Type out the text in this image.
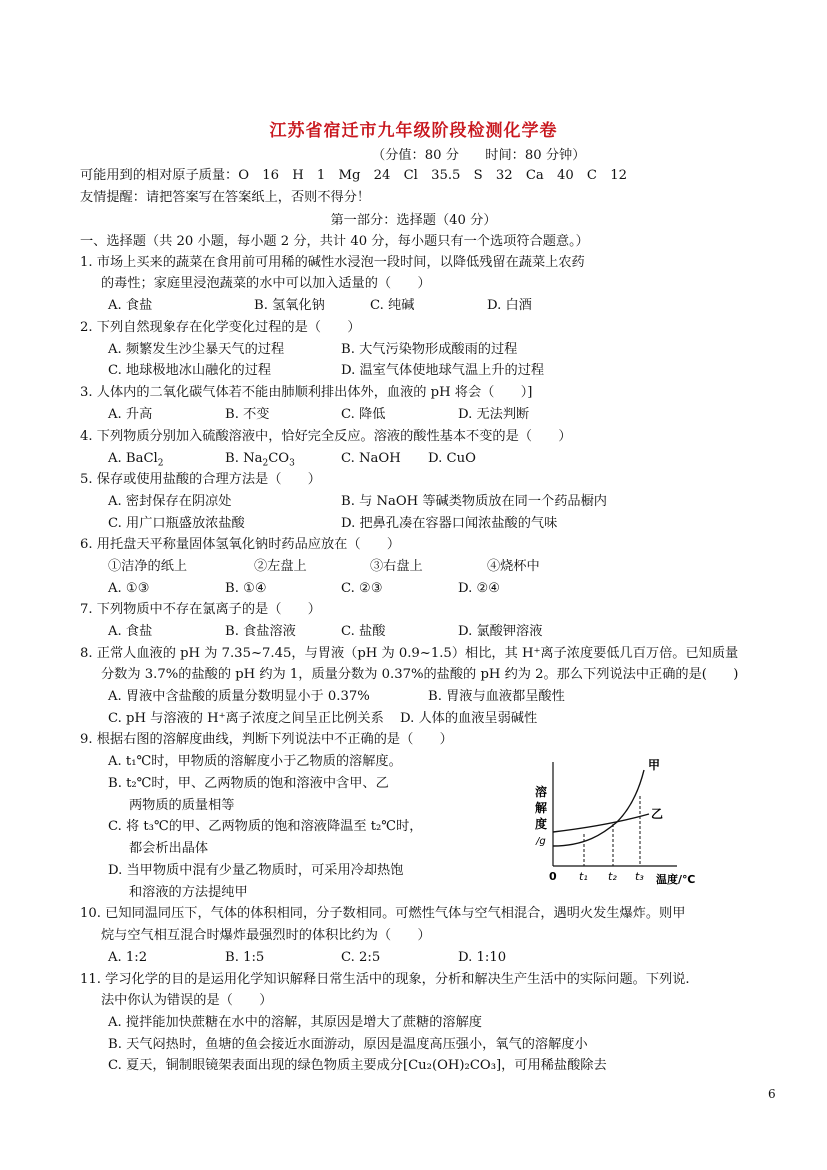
江苏省宿迁市九年级阶段检测化学卷
（分值：80 分　　时间：80 分钟）
可能用到的相对原子质量：O　16　H　1　Mg　24　Cl　35.5　S　32　Ca　40　C　12
友情提醒：请把答案写在答案纸上，否则不得分！
第一部分：选择题（40 分）
一、选择题（共 20 小题，每小题 2 分，共计 40 分，每小题只有一个选项符合题意。）
1. 市场上买来的蔬菜在食用前可用稀的碱性水浸泡一段时间，以降低残留在蔬菜上农药
的毒性；家庭里浸泡蔬菜的水中可以加入适量的（　　）
A. 食盐	B. 氢氧化钠	C. 纯碱	D. 白酒
2. 下列自然现象存在化学变化过程的是（　　）
A. 频繁发生沙尘暴天气的过程	B. 大气污染物形成酸雨的过程
C. 地球极地冰山融化的过程	D. 温室气体使地球气温上升的过程
3. 人体内的二氧化碳气体若不能由肺顺利排出体外，血液的 pH 将会（　　）]
A. 升高	B. 不变	C. 降低	D. 无法判断
4. 下列物质分别加入硫酸溶液中，恰好完全反应。溶液的酸性基本不变的是（　　）
A. BaCl$_2$	B. $Na_2CO_3$	C. NaOH D. CuO
5. 保存或使用盐酸的合理方法是（　　）
A. 密封保存在阴凉处	B. 与 NaOH 等碱类物质放在同一个药品橱内
C. 用广口瓶盛放浓盐酸	D. 把鼻孔凑在容器口闻浓盐酸的气味
6. 用托盘天平称量固体氢氧化钠时药品应放在（　　）
①洁净的纸上	②左盘上	③右盘上	④烧杯中
A. ①③	B. ①④	C. ②③	D. ②④
7. 下列物质中不存在氯离子的是（　　）
A. 食盐	B. 食盐溶液	C. 盐酸	D. 氯酸钾溶液
8. 正常人血液的 pH 为 7.35~7.45，与胃液（pH 为 0.9~1.5）相比，其 H⁺离子浓度要低几百万倍。已知质量
分数为 3.7%的盐酸的 pH 约为 1，质量分数为 0.37%的盐酸的 pH 约为 2。那么下列说法中正确的是(　　)
A. 胃液中含盐酸的质量分数明显小于 0.37%	B. 胃液与血液都呈酸性
C. pH 与溶液的 H⁺离子浓度之间呈正比例关系 D. 人体的血液呈弱碱性
9. 根据右图的溶解度曲线，判断下列说法中不正确的是（　　）
A. t₁℃时，甲物质的溶解度小于乙物质的溶解度。
B. t₂℃时，甲、乙两物质的饱和溶液中含甲、乙
两物质的质量相等
C. 将 t₃℃的甲、乙两物质的饱和溶液降温至 t₂℃时，
都会析出晶体
D. 当甲物质中混有少量乙物质时，可采用冷却热饱
和溶液的方法提纯甲
溶
解
度
/g
甲
乙
0 t₁ t₂ t₃ 温度/℃
10. 已知同温同压下，气体的体积相同，分子数相同。可燃性气体与空气相混合，遇明火发生爆炸。则甲
烷与空气相互混合时爆炸最强烈时的体积比约为（　　）
A. 1:2	B. 1:5	C. 2:5	D. 1:10
11. 学习化学的目的是运用化学知识解释日常生活中的现象，分析和解决生产生活中的实际问题。下列说.
法中你认为错误的是（　　）
A. 搅拌能加快蔗糖在水中的溶解，其原因是增大了蔗糖的溶解度
B. 天气闷热时，鱼塘的鱼会接近水面游动，原因是温度高压强小，氧气的溶解度小
C. 夏天，铜制眼镜架表面出现的绿色物质主要成分[Cu₂(OH)₂CO₃]，可用稀盐酸除去
6
